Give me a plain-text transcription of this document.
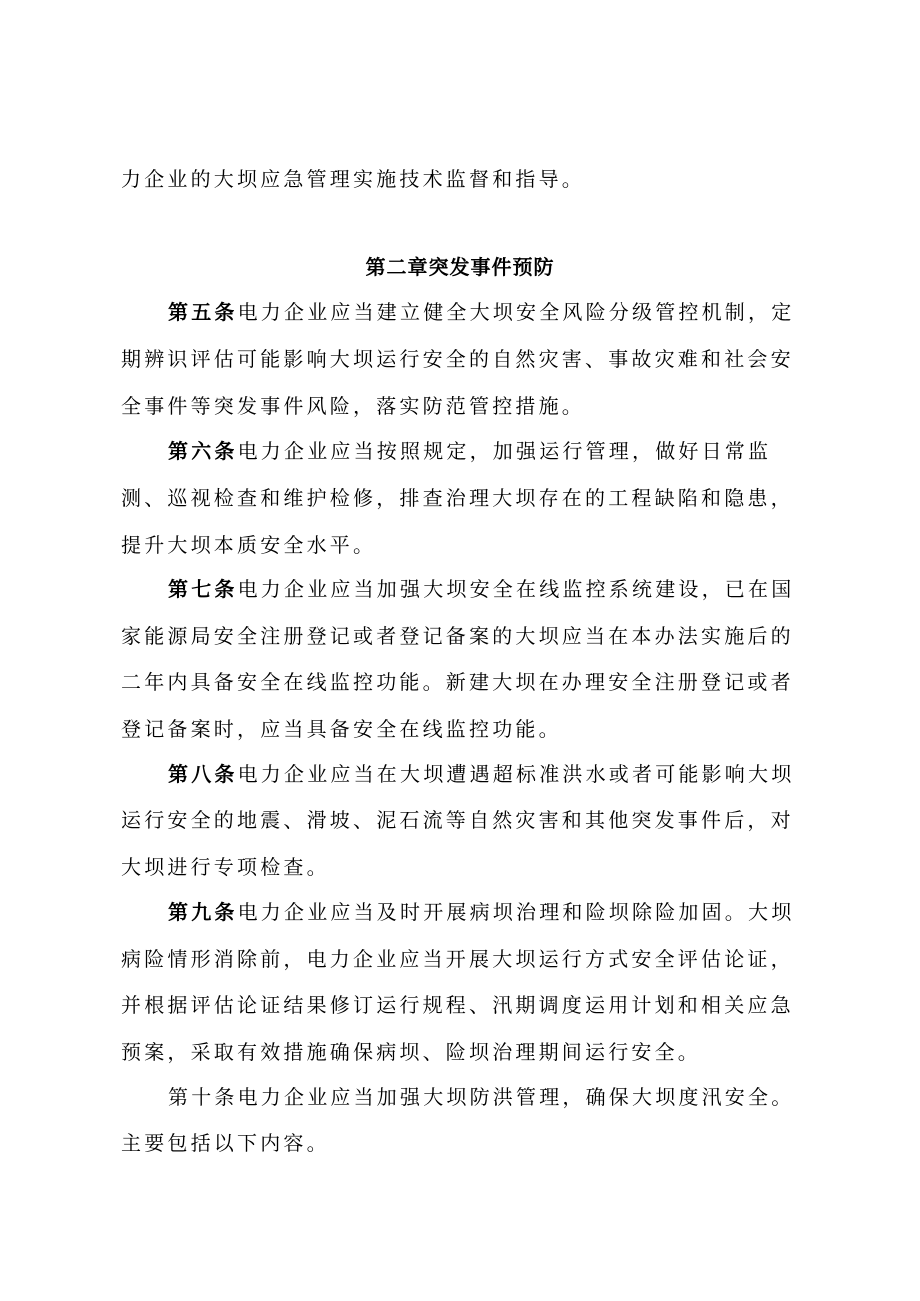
力企业的大坝应急管理实施技术监督和指导。
第二章突发事件预防
第五条电力企业应当建立健全大坝安全风险分级管控机制，定
期辨识评估可能影响大坝运行安全的自然灾害、事故灾难和社会安
全事件等突发事件风险，落实防范管控措施。
第六条电力企业应当按照规定，加强运行管理，做好日常监
测、巡视检查和维护检修，排查治理大坝存在的工程缺陷和隐患，
提升大坝本质安全水平。
第七条电力企业应当加强大坝安全在线监控系统建设，已在国
家能源局安全注册登记或者登记备案的大坝应当在本办法实施后的
二年内具备安全在线监控功能。新建大坝在办理安全注册登记或者
登记备案时，应当具备安全在线监控功能。
第八条电力企业应当在大坝遭遇超标准洪水或者可能影响大坝
运行安全的地震、滑坡、泥石流等自然灾害和其他突发事件后，对
大坝进行专项检查。
第九条电力企业应当及时开展病坝治理和险坝除险加固。大坝
病险情形消除前，电力企业应当开展大坝运行方式安全评估论证，
并根据评估论证结果修订运行规程、汛期调度运用计划和相关应急
预案，采取有效措施确保病坝、险坝治理期间运行安全。
第十条电力企业应当加强大坝防洪管理，确保大坝度汛安全。
主要包括以下内容。
